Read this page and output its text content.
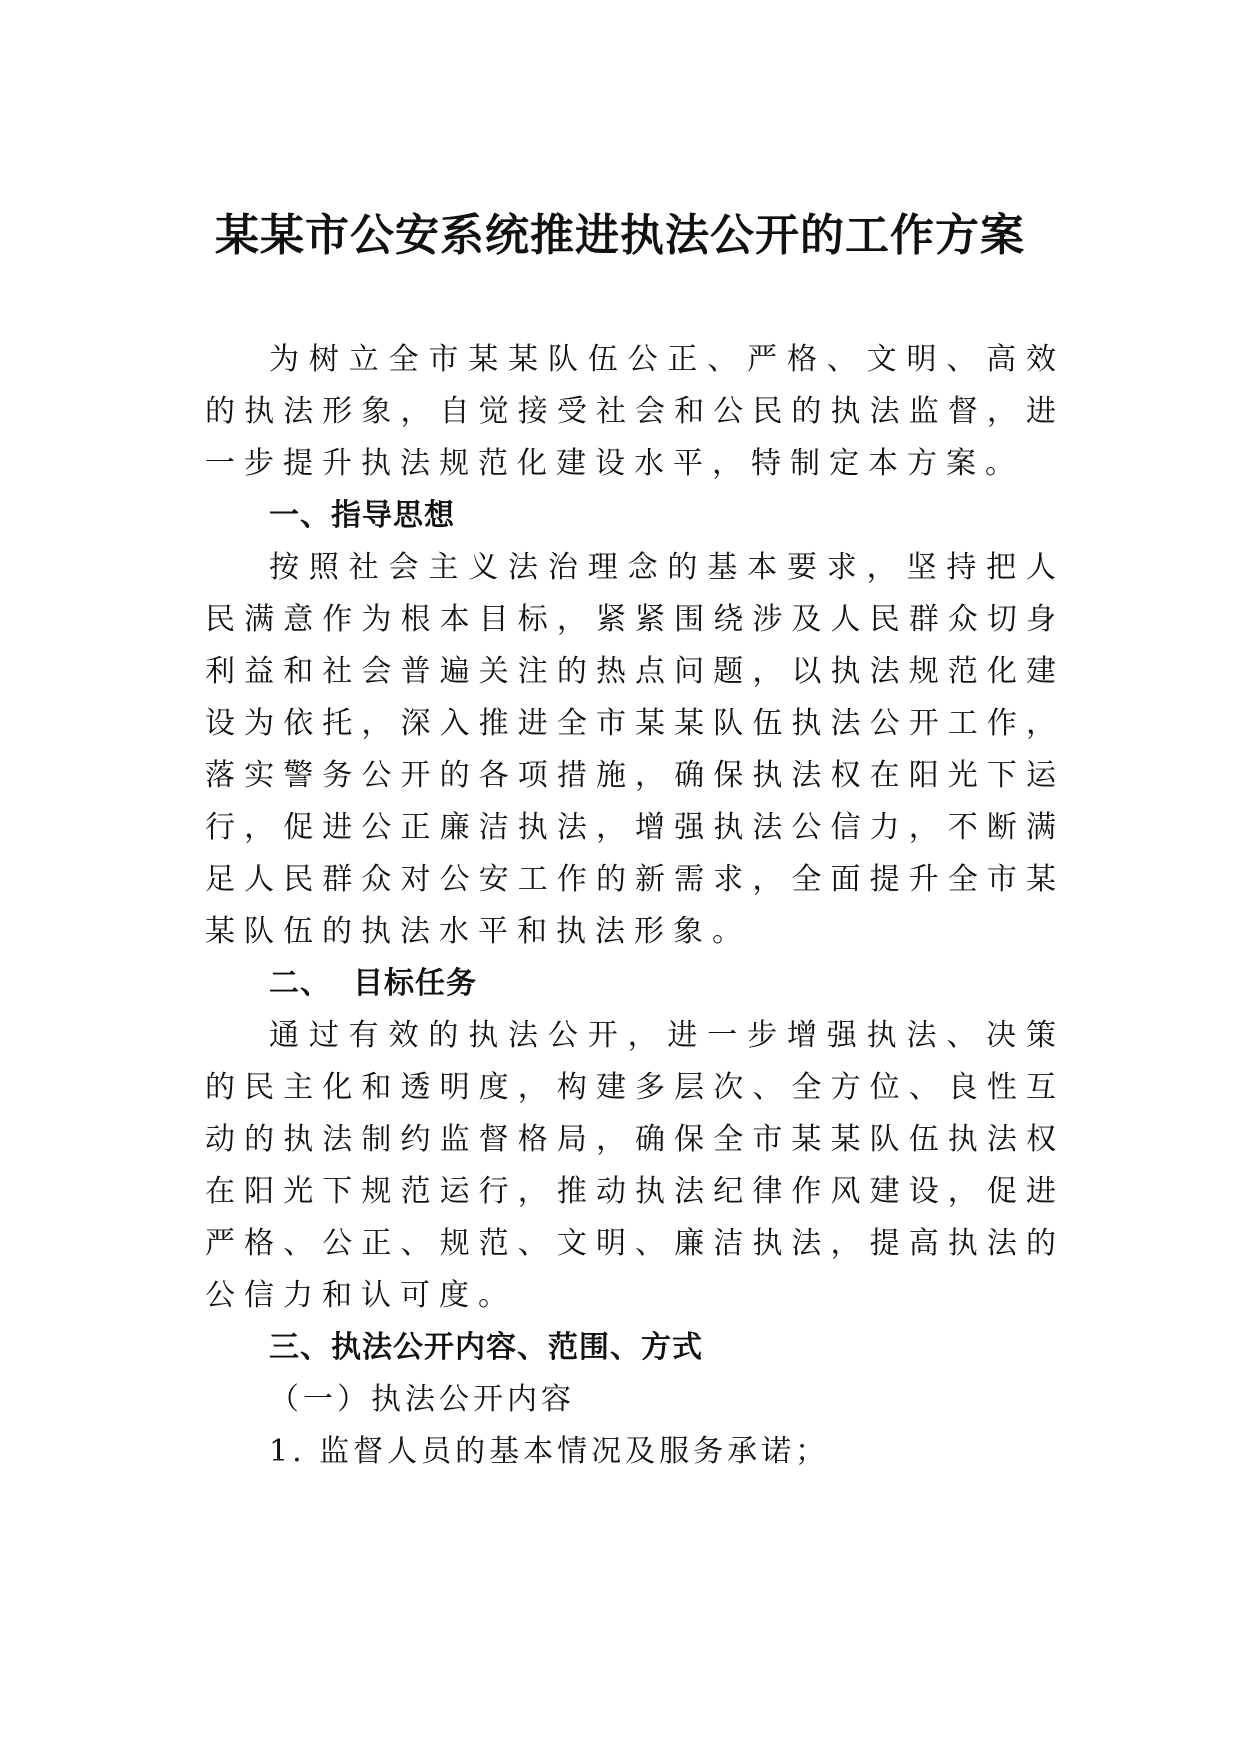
某某市公安系统推进执法公开的工作方案

为树立全市某某队伍公正、严格、文明、高效的执法形象，自觉接受社会和公民的执法监督，进一步提升执法规范化建设水平，特制定本方案。

一、指导思想

按照社会主义法治理念的基本要求，坚持把人民满意作为根本目标，紧紧围绕涉及人民群众切身利益和社会普遍关注的热点问题，以执法规范化建设为依托，深入推进全市某某队伍执法公开工作，落实警务公开的各项措施，确保执法权在阳光下运行，促进公正廉洁执法，增强执法公信力，不断满足人民群众对公安工作的新需求，全面提升全市某某队伍的执法水平和执法形象。

二、 目标任务

通过有效的执法公开，进一步增强执法、决策的民主化和透明度，构建多层次、全方位、良性互动的执法制约监督格局，确保全市某某队伍执法权在阳光下规范运行，推动执法纪律作风建设，促进严格、公正、规范、文明、廉洁执法，提高执法的公信力和认可度。

三、执法公开内容、范围、方式
（一）执法公开内容
1. 监督人员的基本情况及服务承诺；
